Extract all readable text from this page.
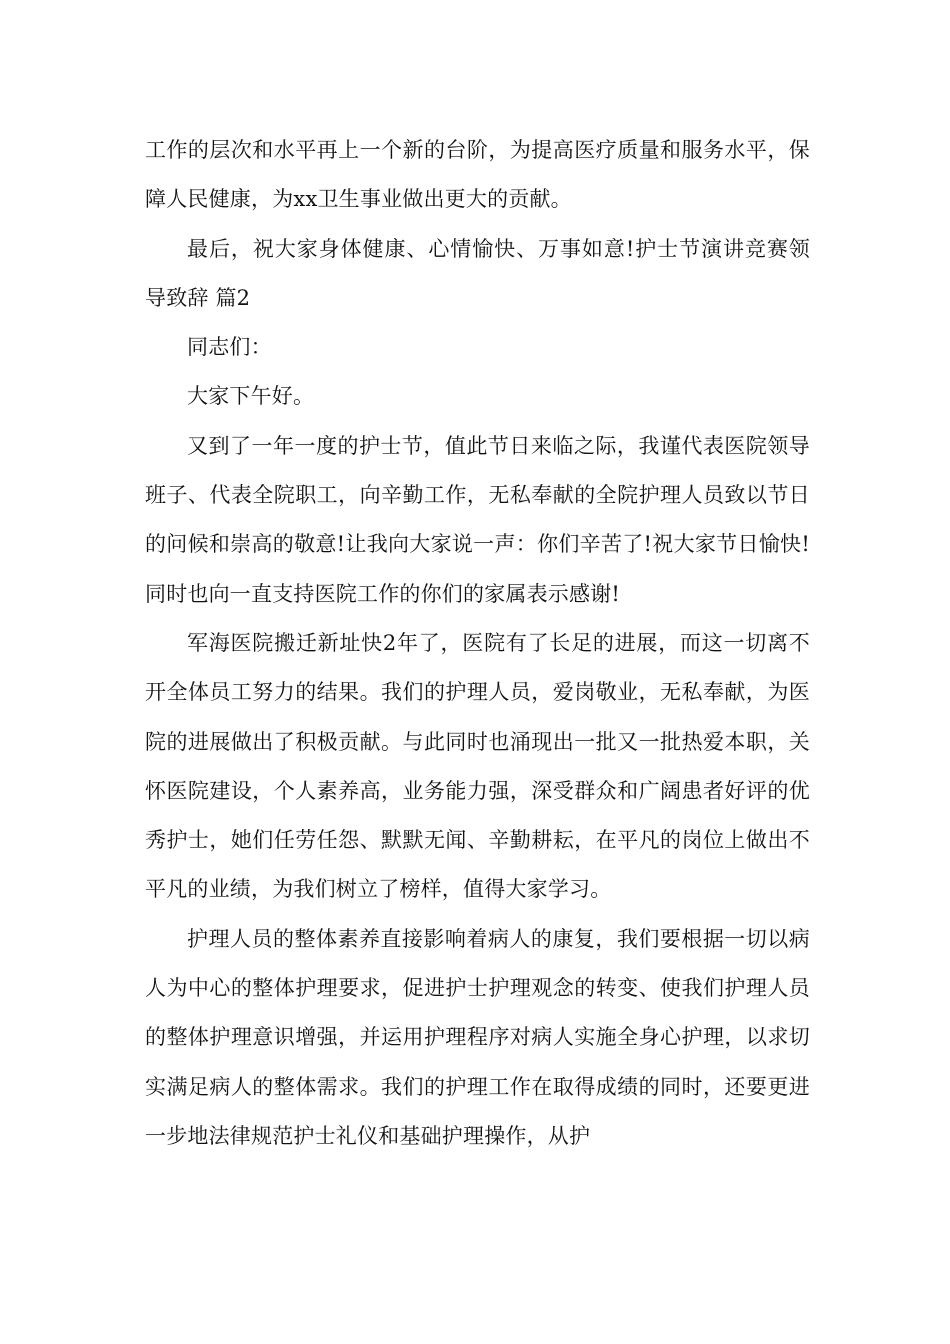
工作的层次和水平再上一个新的台阶，为提高医疗质量和服务水平，保障人民健康，为xx卫生事业做出更大的贡献。

最后，祝大家身体健康、心情愉快、万事如意!护士节演讲竞赛领导致辞 篇2

同志们：

大家下午好。

又到了一年一度的护士节，值此节日来临之际，我谨代表医院领导班子、代表全院职工，向辛勤工作，无私奉献的全院护理人员致以节日的问候和崇高的敬意!让我向大家说一声：你们辛苦了!祝大家节日愉快!同时也向一直支持医院工作的你们的家属表示感谢!

军海医院搬迁新址快2年了，医院有了长足的进展，而这一切离不开全体员工努力的结果。我们的护理人员，爱岗敬业，无私奉献，为医院的进展做出了积极贡献。与此同时也涌现出一批又一批热爱本职，关怀医院建设，个人素养高，业务能力强，深受群众和广阔患者好评的优秀护士，她们任劳任怨、默默无闻、辛勤耕耘，在平凡的岗位上做出不平凡的业绩，为我们树立了榜样，值得大家学习。

护理人员的整体素养直接影响着病人的康复，我们要根据一切以病人为中心的整体护理要求，促进护士护理观念的转变、使我们护理人员的整体护理意识增强，并运用护理程序对病人实施全身心护理，以求切实满足病人的整体需求。我们的护理工作在取得成绩的同时，还要更进一步地法律规范护士礼仪和基础护理操作，从护
